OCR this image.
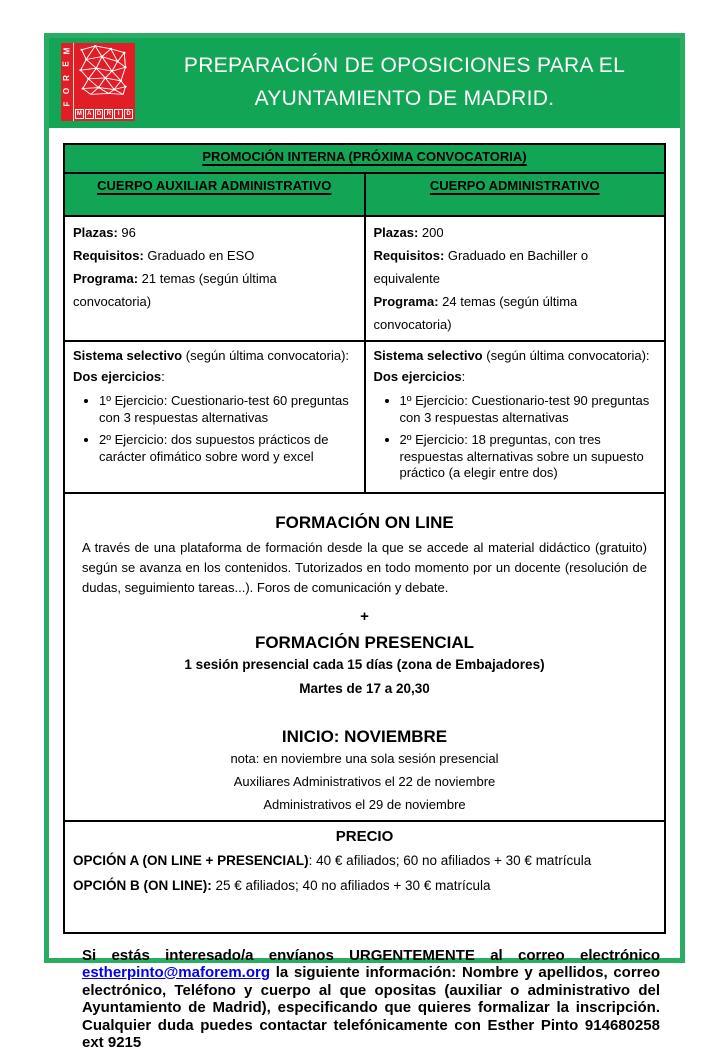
M
E
R
O
F
M A D R	I	D
PREPARACIÓN DE OPOSICIONES PARA EL
AYUNTAMIENTO DE MADRID.
PROMOCIÓN INTERNA (PRÓXIMA CONVOCATORIA)	
CUERPO AUXILIAR ADMINISTRATIVO	CUERPO ADMINISTRATIVO

Plazas: 96
Requisitos: Graduado en ESO
Programa: 21 temas (según última convocatoria)

Plazas: 200
Requisitos: Graduado en Bachiller o equivalente
Programa: 24 temas (según última convocatoria)

Sistema selectivo (según última convocatoria):
Dos ejercicios:
• 1º Ejercicio: Cuestionario-test 60 preguntas con 3 respuestas alternativas
• 2º Ejercicio: dos supuestos prácticos de carácter ofimático sobre word y excel

Sistema selectivo (según última convocatoria):
Dos ejercicios:
• 1º Ejercicio: Cuestionario-test 90 preguntas con 3 respuestas alternativas
• 2º Ejercicio: 18 preguntas, con tres respuestas alternativas sobre un supuesto práctico (a elegir entre dos)

FORMACIÓN ON LINE
A través de una plataforma de formación desde la que se accede al material didáctico (gratuito) según se avanza en los contenidos. Tutorizados en todo momento por un docente (resolución de dudas, seguimiento tareas...). Foros de comunicación y debate.
+
FORMACIÓN PRESENCIAL
1 sesión presencial cada 15 días (zona de Embajadores)
Martes de 17 a 20,30
INICIO: NOVIEMBRE
nota: en noviembre una sola sesión presencial
Auxiliares Administrativos el 22 de noviembre
Administrativos el 29 de noviembre

PRECIO
OPCIÓN A (ON LINE + PRESENCIAL): 40 € afiliados; 60 no afiliados + 30 € matrícula
OPCIÓN B (ON LINE): 25 € afiliados; 40 no afiliados + 30 € matrícula	

Si estás interesado/a envíanos URGENTEMENTE al correo electrónico estherpinto@maforem.org la siguiente información: Nombre y apellidos, correo electrónico, Teléfono y cuerpo al que opositas (auxiliar o administrativo del Ayuntamiento de Madrid), especificando que quieres formalizar la inscripción. Cualquier duda puedes contactar telefónicamente con Esther Pinto 914680258 ext 9215
